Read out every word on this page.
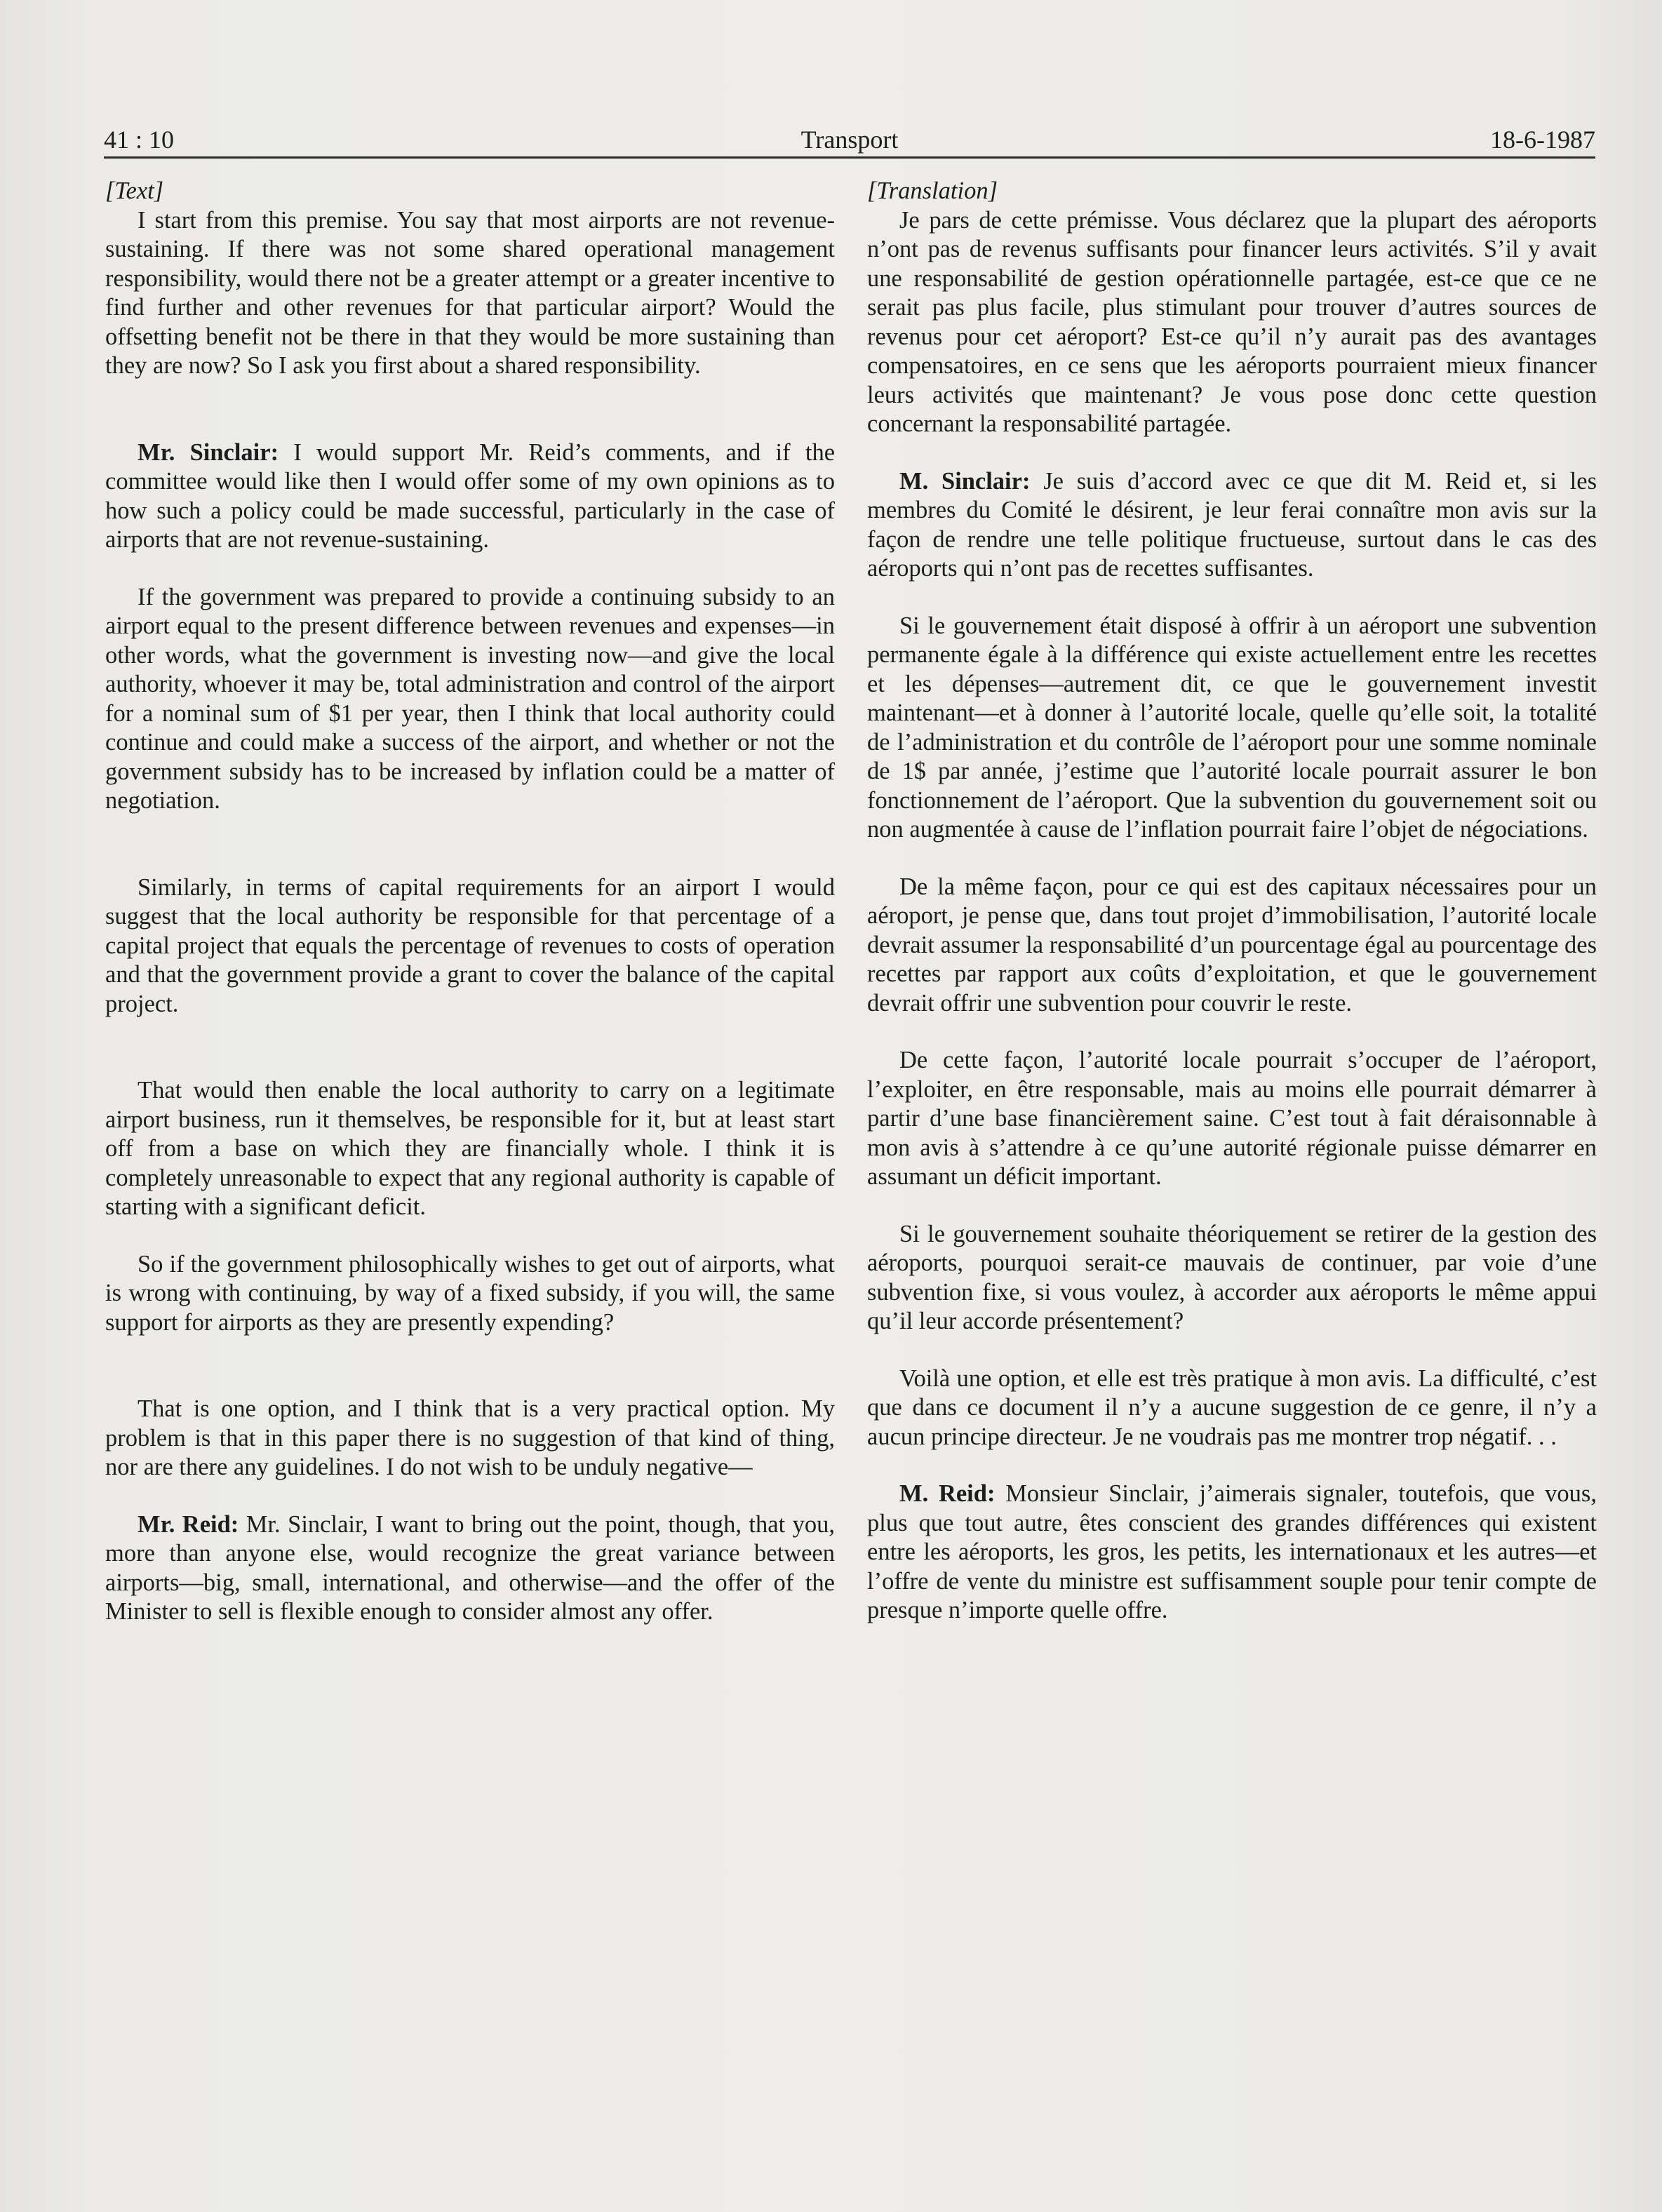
41 : 10	Transport	18-6-1987

[Text]

I start from this premise. You say that most airports are not revenue-sustaining. If there was not some shared operational management responsibility, would there not be a greater attempt or a greater incentive to find further and other revenues for that particular airport? Would the offsetting benefit not be there in that they would be more sustaining than they are now? So I ask you first about a shared responsibility.

Mr. Sinclair: I would support Mr. Reid’s comments, and if the committee would like then I would offer some of my own opinions as to how such a policy could be made successful, particularly in the case of airports that are not revenue-sustaining.

If the government was prepared to provide a continuing subsidy to an airport equal to the present difference between revenues and expenses—in other words, what the government is investing now—and give the local authority, whoever it may be, total administration and control of the airport for a nominal sum of $1 per year, then I think that local authority could continue and could make a success of the airport, and whether or not the government subsidy has to be increased by inflation could be a matter of negotiation.

Similarly, in terms of capital requirements for an airport I would suggest that the local authority be responsible for that percentage of a capital project that equals the percentage of revenues to costs of operation and that the government provide a grant to cover the balance of the capital project.

That would then enable the local authority to carry on a legitimate airport business, run it themselves, be responsible for it, but at least start off from a base on which they are financially whole. I think it is completely unreasonable to expect that any regional authority is capable of starting with a significant deficit.

So if the government philosophically wishes to get out of airports, what is wrong with continuing, by way of a fixed subsidy, if you will, the same support for airports as they are presently expending?

That is one option, and I think that is a very practical option. My problem is that in this paper there is no suggestion of that kind of thing, nor are there any guidelines. I do not wish to be unduly negative—

Mr. Reid: Mr. Sinclair, I want to bring out the point, though, that you, more than anyone else, would recognize the great variance between airports—big, small, international, and otherwise—and the offer of the Minister to sell is flexible enough to consider almost any offer.

[Translation]

Je pars de cette prémisse. Vous déclarez que la plupart des aéroports n’ont pas de revenus suffisants pour financer leurs activités. S’il y avait une responsabilité de gestion opérationnelle partagée, est-ce que ce ne serait pas plus facile, plus stimulant pour trouver d’autres sources de revenus pour cet aéroport? Est-ce qu’il n’y aurait pas des avantages compensatoires, en ce sens que les aéroports pourraient mieux financer leurs activités que maintenant? Je vous pose donc cette question concernant la responsabilité partagée.

M. Sinclair: Je suis d’accord avec ce que dit M. Reid et, si les membres du Comité le désirent, je leur ferai connaître mon avis sur la façon de rendre une telle politique fructueuse, surtout dans le cas des aéroports qui n’ont pas de recettes suffisantes.

Si le gouvernement était disposé à offrir à un aéroport une subvention permanente égale à la différence qui existe actuellement entre les recettes et les dépenses—autrement dit, ce que le gouvernement investit maintenant—et à donner à l’autorité locale, quelle qu’elle soit, la totalité de l’administration et du contrôle de l’aéroport pour une somme nominale de 1$ par année, j’estime que l’autorité locale pourrait assurer le bon fonctionnement de l’aéroport. Que la subvention du gouvernement soit ou non augmentée à cause de l’inflation pourrait faire l’objet de négociations.

De la même façon, pour ce qui est des capitaux nécessaires pour un aéroport, je pense que, dans tout projet d’immobilisation, l’autorité locale devrait assumer la responsabilité d’un pourcentage égal au pourcentage des recettes par rapport aux coûts d’exploitation, et que le gouvernement devrait offrir une subvention pour couvrir le reste.

De cette façon, l’autorité locale pourrait s’occuper de l’aéroport, l’exploiter, en être responsable, mais au moins elle pourrait démarrer à partir d’une base financièrement saine. C’est tout à fait déraisonnable à mon avis à s’attendre à ce qu’une autorité régionale puisse démarrer en assumant un déficit important.

Si le gouvernement souhaite théoriquement se retirer de la gestion des aéroports, pourquoi serait-ce mauvais de continuer, par voie d’une subvention fixe, si vous voulez, à accorder aux aéroports le même appui qu’il leur accorde présentement?

Voilà une option, et elle est très pratique à mon avis. La difficulté, c’est que dans ce document il n’y a aucune suggestion de ce genre, il n’y a aucun principe directeur. Je ne voudrais pas me montrer trop négatif. . .

M. Reid: Monsieur Sinclair, j’aimerais signaler, toutefois, que vous, plus que tout autre, êtes conscient des grandes différences qui existent entre les aéroports, les gros, les petits, les internationaux et les autres—et l’offre de vente du ministre est suffisamment souple pour tenir compte de presque n’importe quelle offre.
